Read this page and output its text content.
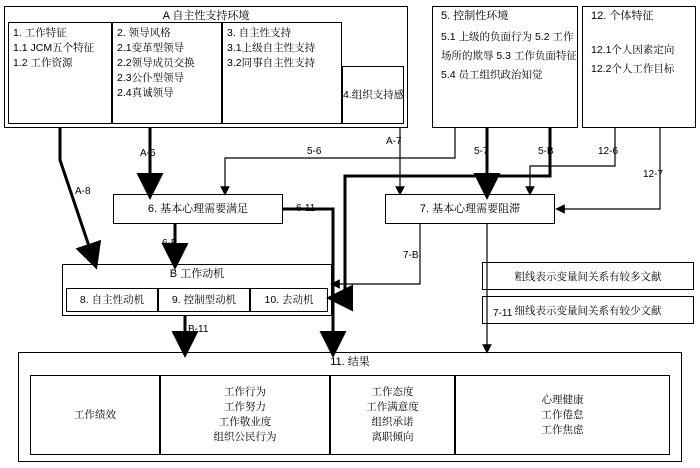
A 自主性支持环境
1. 工作特征
1.1 JCM五个特征
1.2 工作资源
2. 领导风格
2.1变革型领导
2.2领导成员交换
2.3公仆型领导
2.4真诚领导
3. 自主性支持
3.1上级自主性支持
3.2同事自主性支持
4.组织支持感
5. 控制性环境
5.1 上级的负面行为 5.2 工作场所的欺辱 5.3 工作负面特征 5.4 员工组织政治知觉
12. 个体特征
12.1个人因素定向 12.2个人工作目标
6. 基本心理需要满足	7. 基本心理需要阻滞
B 工作动机
8. 自主性动机	9. 控制型动机	10. 去动机
11. 结果
工作绩效
工作行为
工作努力
工作敬业度
组织公民行为
工作态度
工作满意度
组织承诺
离职倾向
心理健康
工作倦怠
工作焦虑
粗线表示变量间关系有较多文献
细线表示变量间关系有较少文献
A-8
A-6
A-7
5-6	5-7	5-B	12-6
12-7
6-11
6-B
7-B
7-11
B-11
